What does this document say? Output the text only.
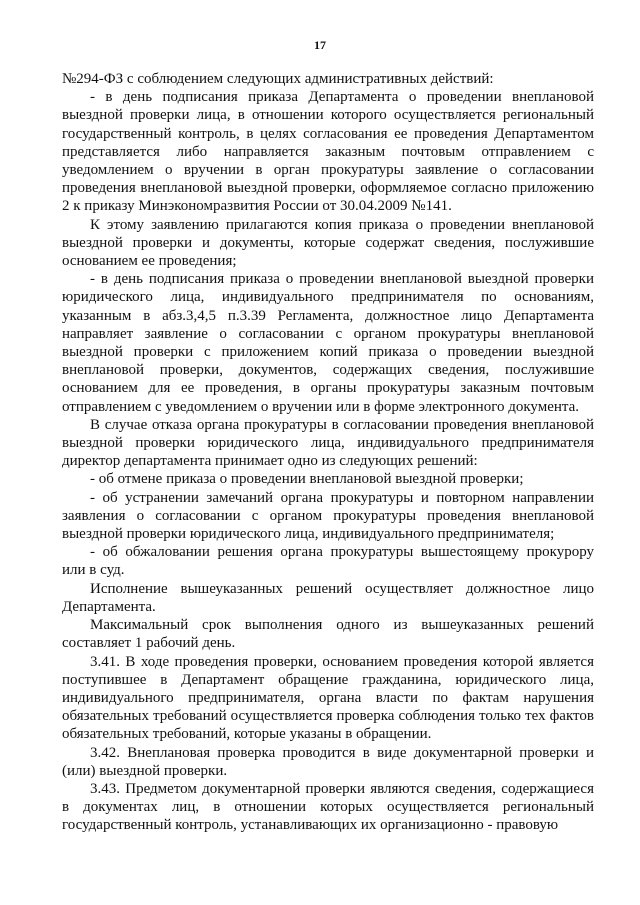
17

№294-ФЗ с соблюдением следующих административных действий:

- в день подписания приказа Департамента о проведении внеплановой выездной проверки лица, в отношении которого осуществляется региональный государственный контроль, в целях согласования ее проведения Департаментом представляется либо направляется заказным почтовым отправлением с уведомлением о вручении в орган прокуратуры заявление о согласовании проведения внеплановой выездной проверки, оформляемое согласно приложению 2 к приказу Минэкономразвития России от 30.04.2009 №141.

К этому заявлению прилагаются копия приказа о проведении внеплановой выездной проверки и документы, которые содержат сведения, послужившие основанием ее проведения;

- в день подписания приказа о проведении внеплановой выездной проверки юридического лица, индивидуального предпринимателя по основаниям, указанным в абз.3,4,5 п.3.39 Регламента, должностное лицо Департамента направляет заявление о согласовании с органом прокуратуры внеплановой выездной проверки с приложением копий приказа о проведении выездной внеплановой проверки, документов, содержащих сведения, послужившие основанием для ее проведения, в органы прокуратуры заказным почтовым отправлением с уведомлением о вручении или в форме электронного документа.

В случае отказа органа прокуратуры в согласовании проведения внеплановой выездной проверки юридического лица, индивидуального предпринимателя директор департамента принимает одно из следующих решений:

- об отмене приказа о проведении внеплановой выездной проверки;

- об устранении замечаний органа прокуратуры и повторном направлении заявления о согласовании с органом прокуратуры проведения внеплановой выездной проверки юридического лица, индивидуального предпринимателя;

- об обжаловании решения органа прокуратуры вышестоящему прокурору или в суд.

Исполнение вышеуказанных решений осуществляет должностное лицо Департамента.

Максимальный срок выполнения одного из вышеуказанных решений составляет 1 рабочий день.

3.41. В ходе проведения проверки, основанием проведения которой является поступившее в Департамент обращение гражданина, юридического лица, индивидуального предпринимателя, органа власти по фактам нарушения обязательных требований осуществляется проверка соблюдения только тех фактов обязательных требований, которые указаны в обращении.

3.42. Внеплановая проверка проводится в виде документарной проверки и (или) выездной проверки.

3.43. Предметом документарной проверки являются сведения, содержащиеся в документах лиц, в отношении которых осуществляется региональный государственный контроль, устанавливающих их организационно - правовую
